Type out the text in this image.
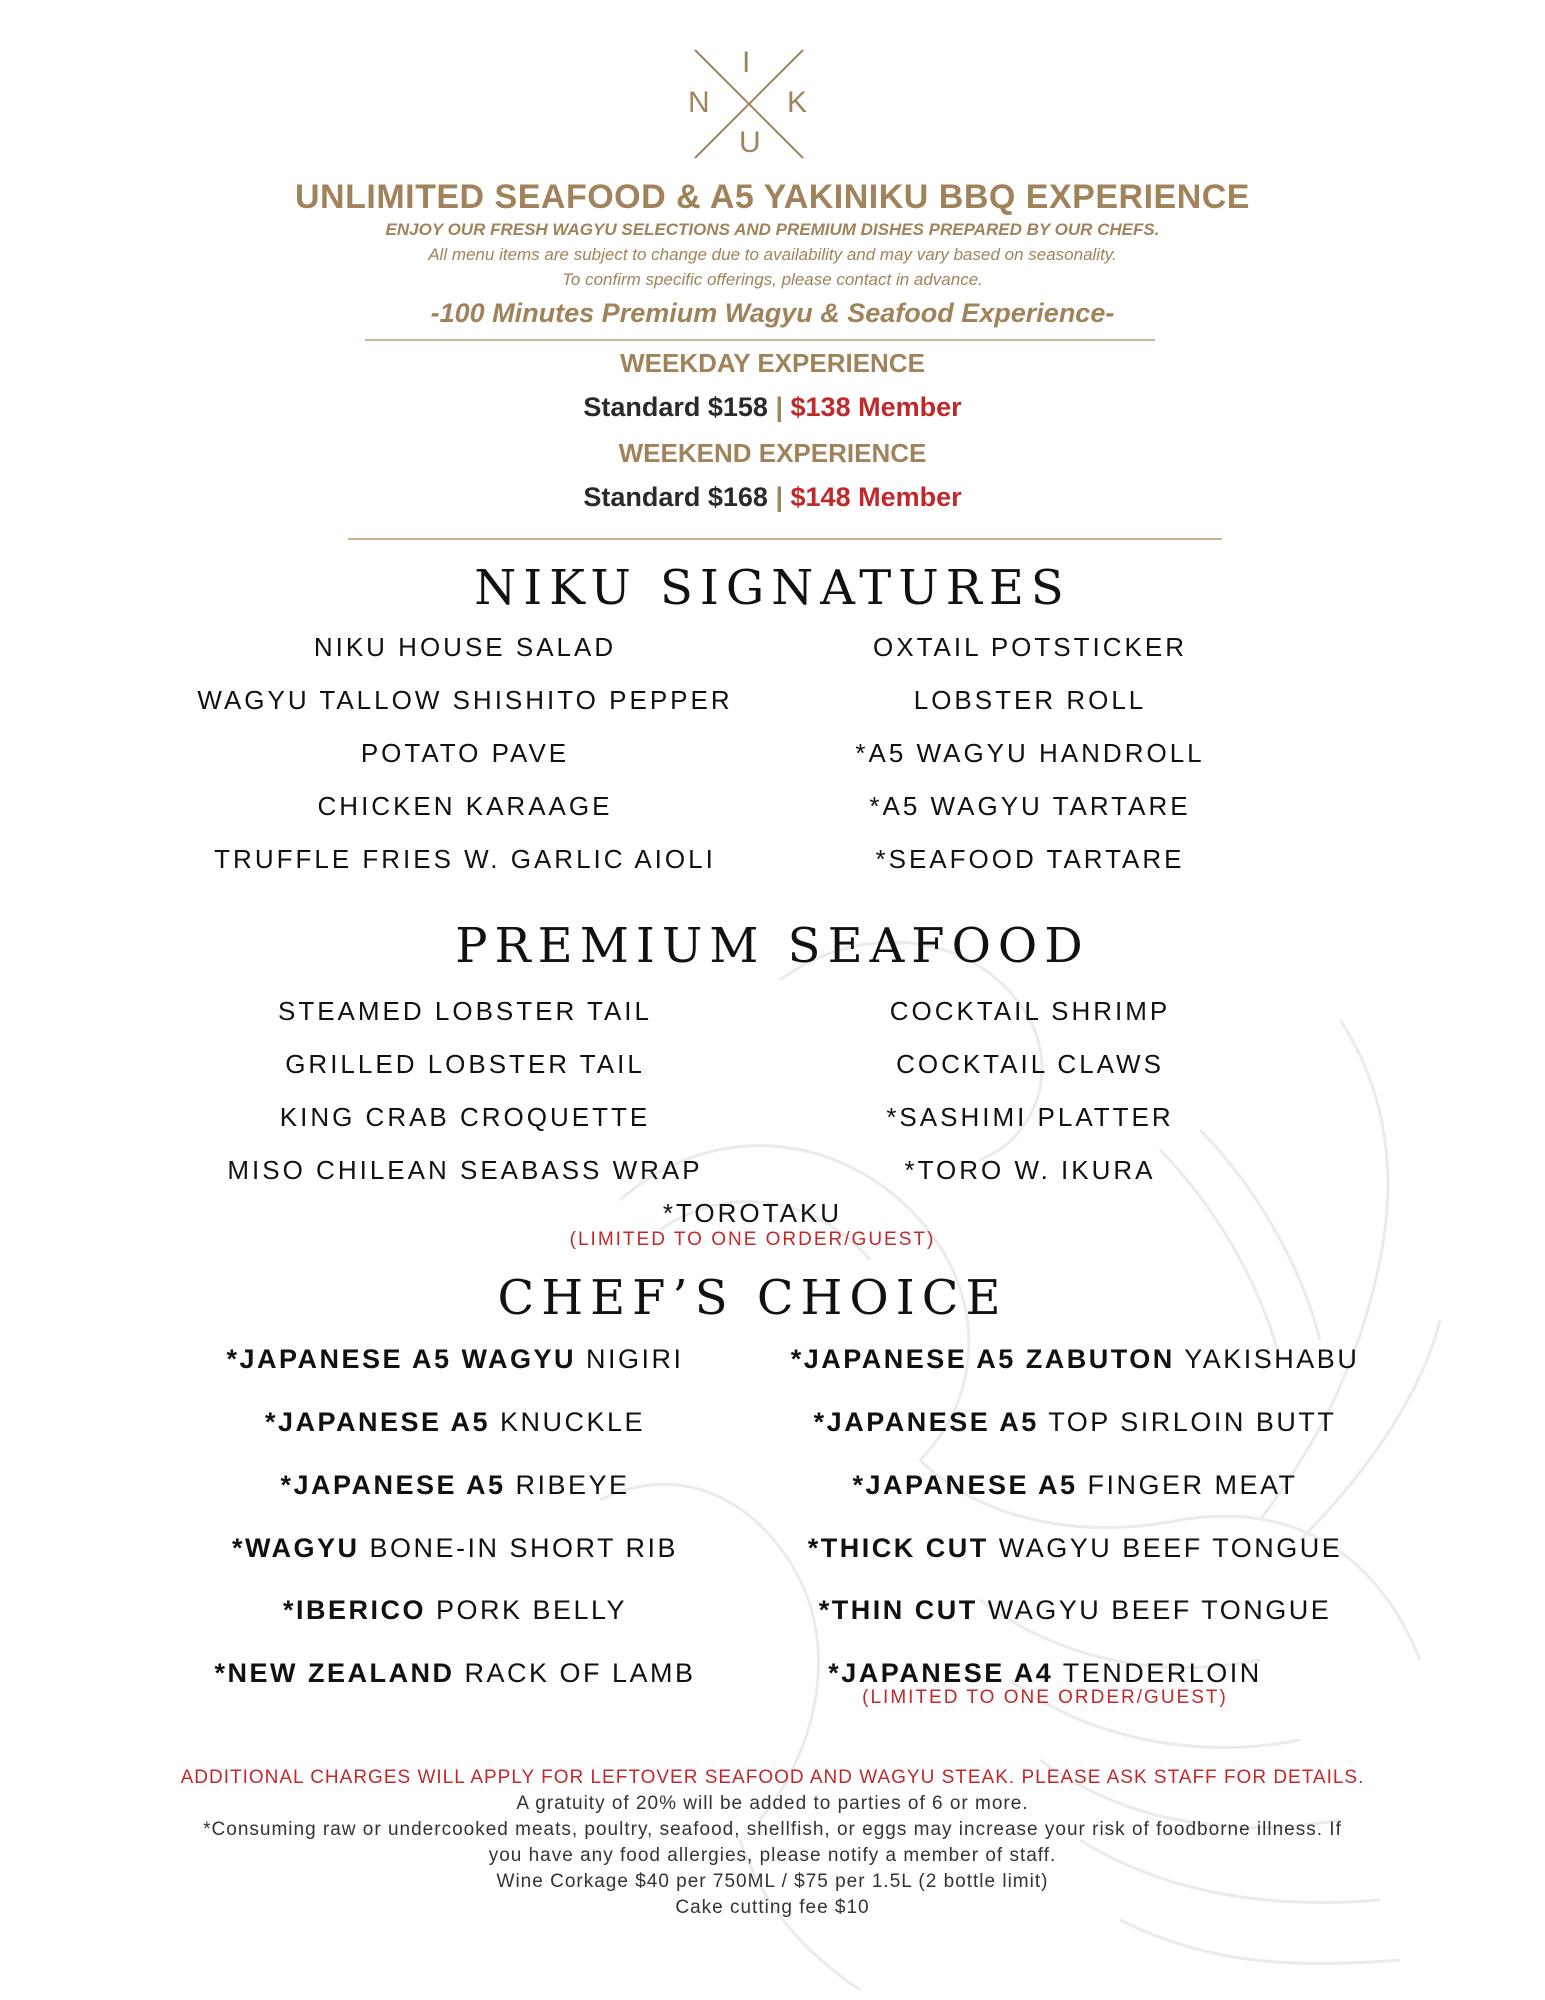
I
N	K
U
UNLIMITED SEAFOOD & A5 YAKINIKU BBQ EXPERIENCE
ENJOY OUR FRESH WAGYU SELECTIONS AND PREMIUM DISHES PREPARED BY OUR CHEFS.
All menu items are subject to change due to availability and may vary based on seasonality.
To confirm specific offerings, please contact in advance.
-100 Minutes Premium Wagyu & Seafood Experience-
WEEKDAY EXPERIENCE
Standard $158 | $138 Member
WEEKEND EXPERIENCE
Standard $168 | $148 Member
NIKU SIGNATURES
NIKU HOUSE SALAD
WAGYU TALLOW SHISHITO PEPPER
POTATO PAVE
CHICKEN KARAAGE
TRUFFLE FRIES W. GARLIC AIOLI
OXTAIL POTSTICKER
LOBSTER ROLL
*A5 WAGYU HANDROLL
*A5 WAGYU TARTARE
*SEAFOOD TARTARE
PREMIUM SEAFOOD
STEAMED LOBSTER TAIL
GRILLED LOBSTER TAIL
KING CRAB CROQUETTE
MISO CHILEAN SEABASS WRAP
COCKTAIL SHRIMP
COCKTAIL CLAWS
*SASHIMI PLATTER
*TORO W. IKURA
*TOROTAKU
(LIMITED TO ONE ORDER/GUEST)
CHEF’S CHOICE
*JAPANESE A5 WAGYU NIGIRI
*JAPANESE A5 KNUCKLE
*JAPANESE A5 RIBEYE
*WAGYU BONE-IN SHORT RIB
*IBERICO PORK BELLY
*NEW ZEALAND RACK OF LAMB
*JAPANESE A5 ZABUTON YAKISHABU
*JAPANESE A5 TOP SIRLOIN BUTT
*JAPANESE A5 FINGER MEAT
*THICK CUT WAGYU BEEF TONGUE
*THIN CUT WAGYU BEEF TONGUE
*JAPANESE A4 TENDERLOIN
(LIMITED TO ONE ORDER/GUEST)
ADDITIONAL CHARGES WILL APPLY FOR LEFTOVER SEAFOOD AND WAGYU STEAK. PLEASE ASK STAFF FOR DETAILS.
A gratuity of 20% will be added to parties of 6 or more.
*Consuming raw or undercooked meats, poultry, seafood, shellfish, or eggs may increase your risk of foodborne illness. If
you have any food allergies, please notify a member of staff.
Wine Corkage $40 per 750ML / $75 per 1.5L (2 bottle limit)
Cake cutting fee $10
